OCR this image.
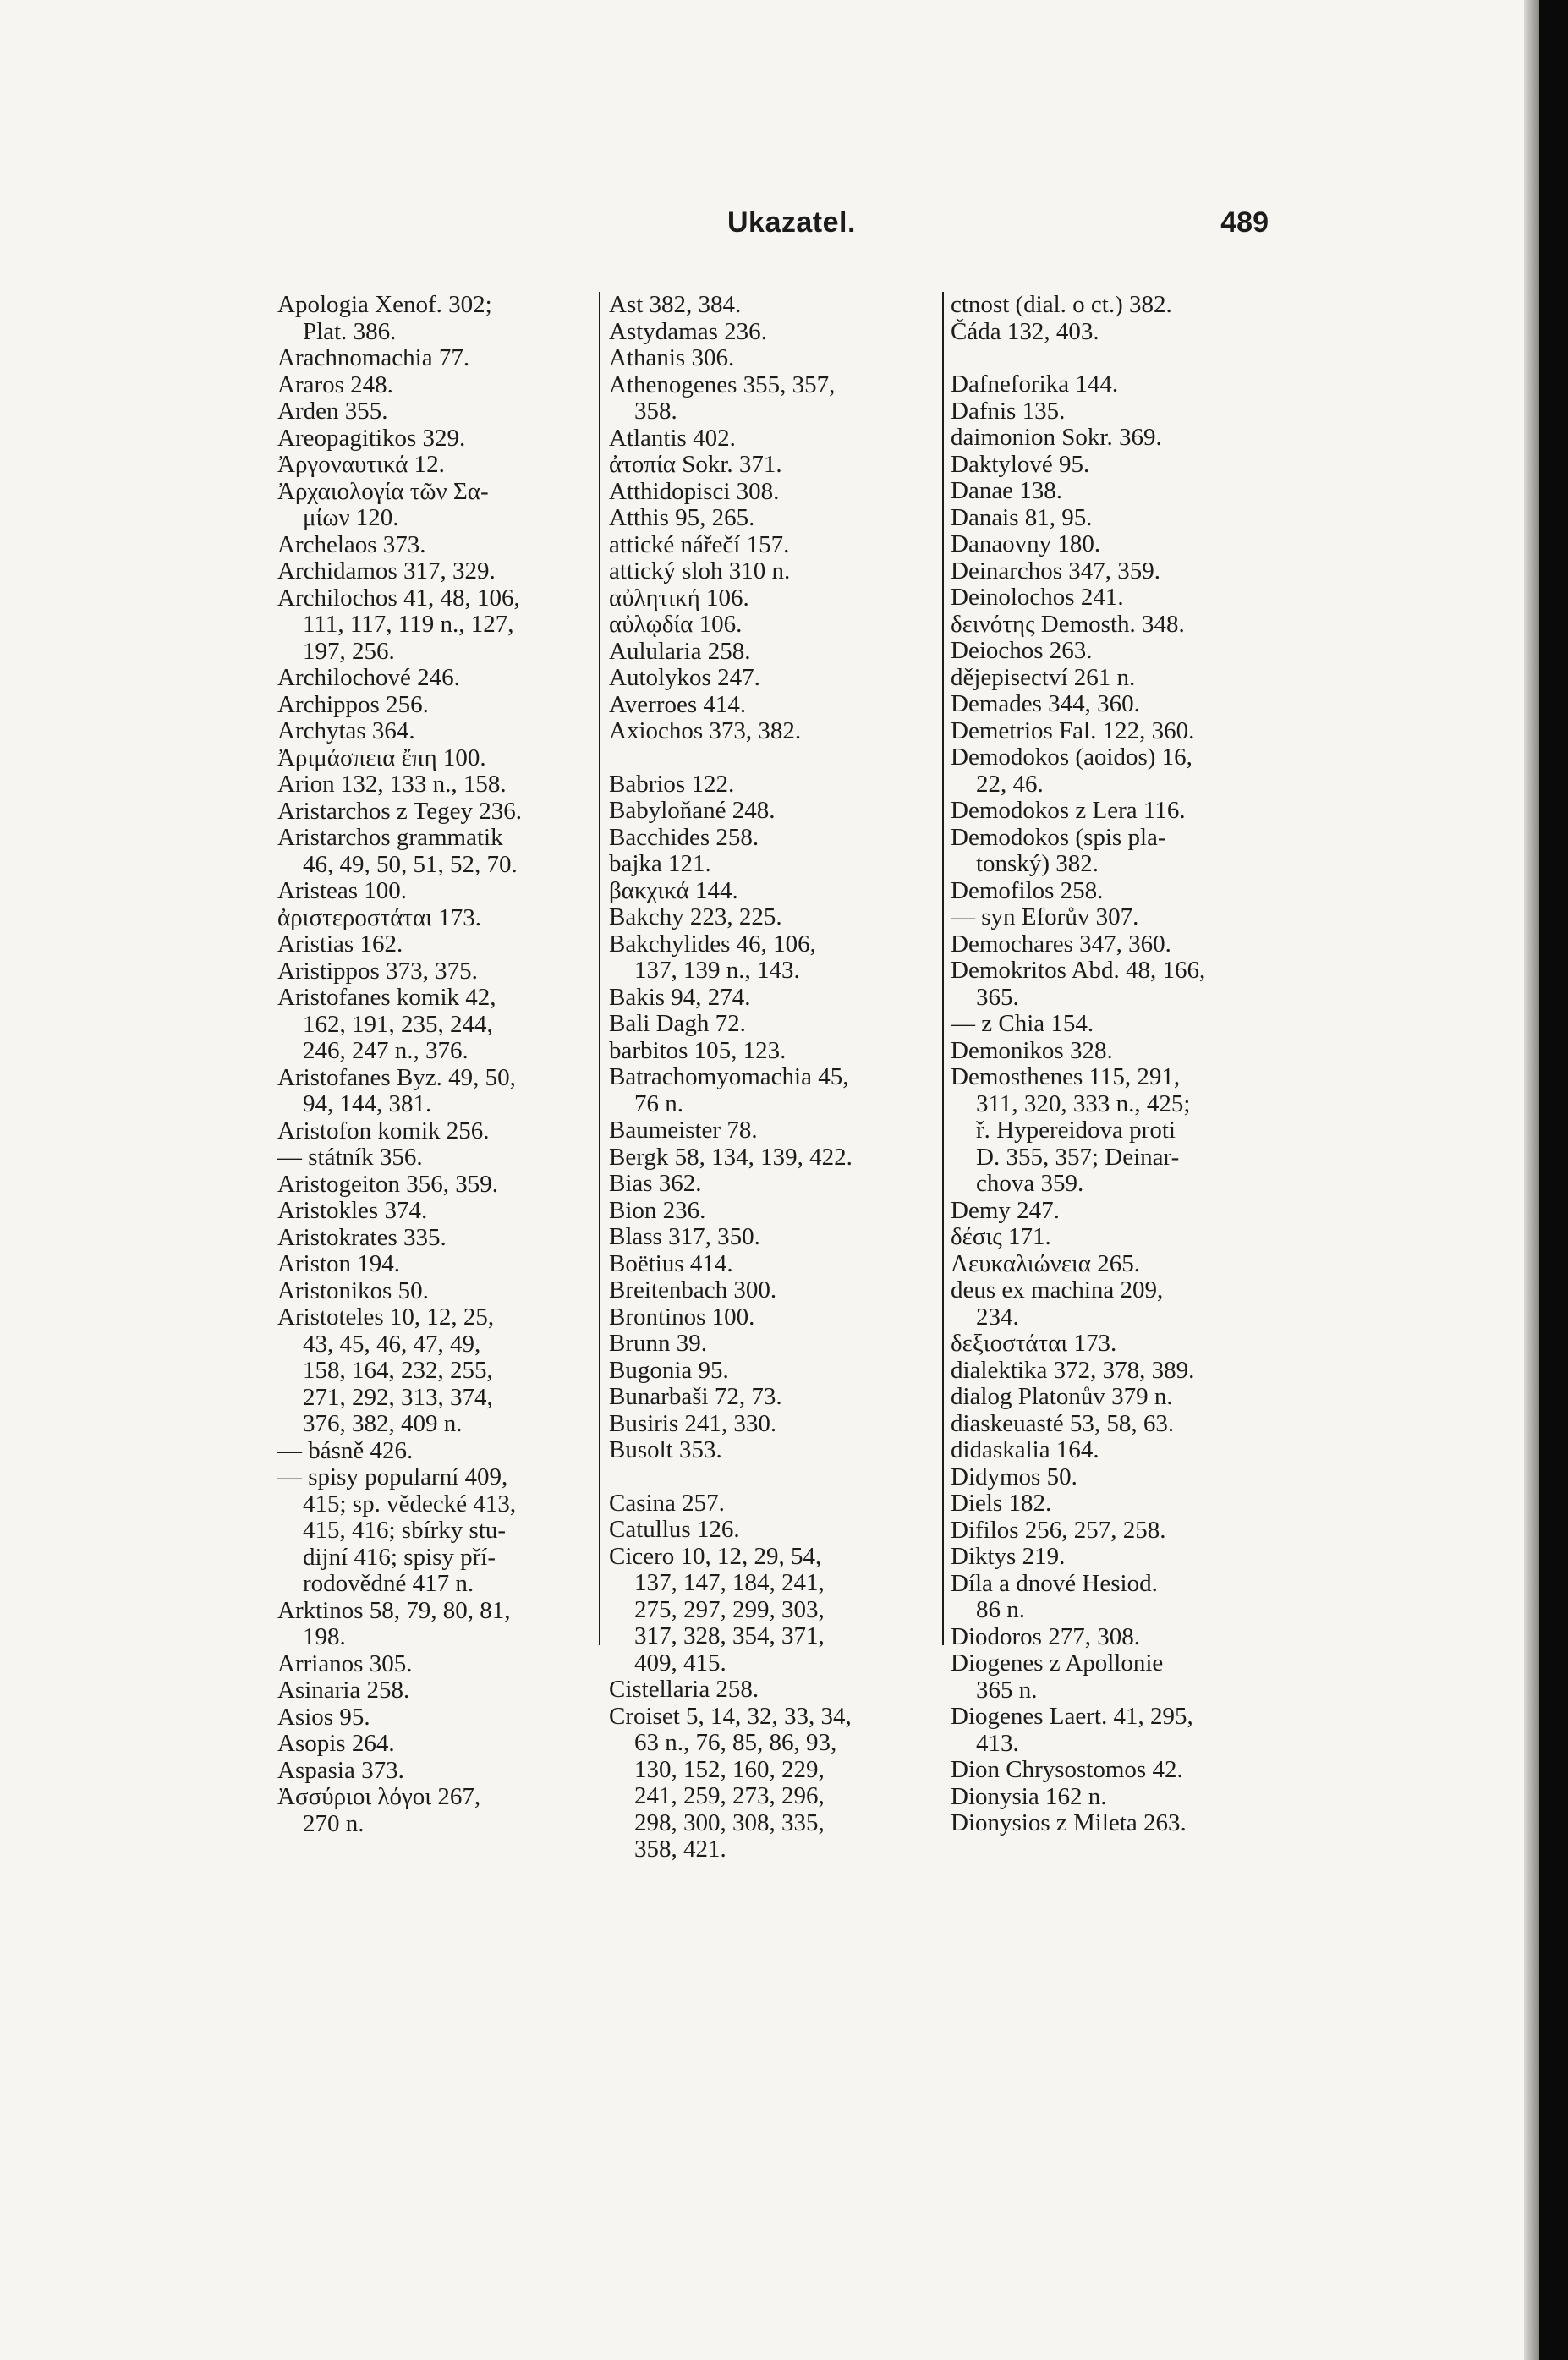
Ukazatel.	489
Apologia Xenof. 302;
Plat. 386.
Arachnomachia 77.
Araros 248.
Arden 355.
Areopagitikos 329.
Ἀργοναυτικά 12.
Ἀρχαιολογία τῶν Σα-
μίων 120.
Archelaos 373.
Archidamos 317, 329.
Archilochos 41, 48, 106,
111, 117, 119 n., 127,
197, 256.
Archilochové 246.
Archippos 256.
Archytas 364.
Ἀριμάσπεια ἔπη 100.
Arion 132, 133 n., 158.
Aristarchos z Tegey 236.
Aristarchos grammatik
46, 49, 50, 51, 52, 70.
Aristeas 100.
ἀριστεροστάται 173.
Aristias 162.
Aristippos 373, 375.
Aristofanes komik 42,
162, 191, 235, 244,
246, 247 n., 376.
Aristofanes Byz. 49, 50,
94, 144, 381.
Aristofon komik 256.
— státník 356.
Aristogeiton 356, 359.
Aristokles 374.
Aristokrates 335.
Ariston 194.
Aristonikos 50.
Aristoteles 10, 12, 25,
43, 45, 46, 47, 49,
158, 164, 232, 255,
271, 292, 313, 374,
376, 382, 409 n.
— básně 426.
— spisy popularní 409,
415; sp. vědecké 413,
415, 416; sbírky stu-
dijní 416; spisy pří-
rodovědné 417 n.
Arktinos 58, 79, 80, 81,
198.
Arrianos 305.
Asinaria 258.
Asios 95.
Asopis 264.
Aspasia 373.
Ἀσσύριοι λόγοι 267,
270 n.
Ast 382, 384.
Astydamas 236.
Athanis 306.
Athenogenes 355, 357,
358.
Atlantis 402.
ἀτοπία Sokr. 371.
Atthidopisci 308.
Atthis 95, 265.
attické nářečí 157.
attický sloh 310 n.
αὐλητική 106.
αὐλῳδία 106.
Aulularia 258.
Autolykos 247.
Averroes 414.
Axiochos 373, 382.
Babrios 122.
Babyloňané 248.
Bacchides 258.
bajka 121.
βακχικά 144.
Bakchy 223, 225.
Bakchylides 46, 106,
137, 139 n., 143.
Bakis 94, 274.
Bali Dagh 72.
barbitos 105, 123.
Batrachomyomachia 45,
76 n.
Baumeister 78.
Bergk 58, 134, 139, 422.
Bias 362.
Bion 236.
Blass 317, 350.
Boëtius 414.
Breitenbach 300.
Brontinos 100.
Brunn 39.
Bugonia 95.
Bunarbaši 72, 73.
Busiris 241, 330.
Busolt 353.
Casina 257.
Catullus 126.
Cicero 10, 12, 29, 54,
137, 147, 184, 241,
275, 297, 299, 303,
317, 328, 354, 371,
409, 415.
Cistellaria 258.
Croiset 5, 14, 32, 33, 34,
63 n., 76, 85, 86, 93,
130, 152, 160, 229,
241, 259, 273, 296,
298, 300, 308, 335,
358, 421.
ctnost (dial. o ct.) 382.
Čáda 132, 403.
Dafneforika 144.
Dafnis 135.
daimonion Sokr. 369.
Daktylové 95.
Danae 138.
Danais 81, 95.
Danaovny 180.
Deinarchos 347, 359.
Deinolochos 241.
δεινότης Demosth. 348.
Deiochos 263.
dějepisectví 261 n.
Demades 344, 360.
Demetrios Fal. 122, 360.
Demodokos (aoidos) 16,
22, 46.
Demodokos z Lera 116.
Demodokos (spis pla-
tonský) 382.
Demofilos 258.
— syn Eforův 307.
Demochares 347, 360.
Demokritos Abd. 48, 166,
365.
— z Chia 154.
Demonikos 328.
Demosthenes 115, 291,
311, 320, 333 n., 425;
ř. Hypereidova proti
D. 355, 357; Deinar-
chova 359.
Demy 247.
δέσις 171.
Λευκαλιώνεια 265.
deus ex machina 209,
234.
δεξιοστάται 173.
dialektika 372, 378, 389.
dialog Platonův 379 n.
diaskeuasté 53, 58, 63.
didaskalia 164.
Didymos 50.
Diels 182.
Difilos 256, 257, 258.
Diktys 219.
Díla a dnové Hesiod.
86 n.
Diodoros 277, 308.
Diogenes z Apollonie
365 n.
Diogenes Laert. 41, 295,
413.
Dion Chrysostomos 42.
Dionysia 162 n.
Dionysios z Mileta 263.
